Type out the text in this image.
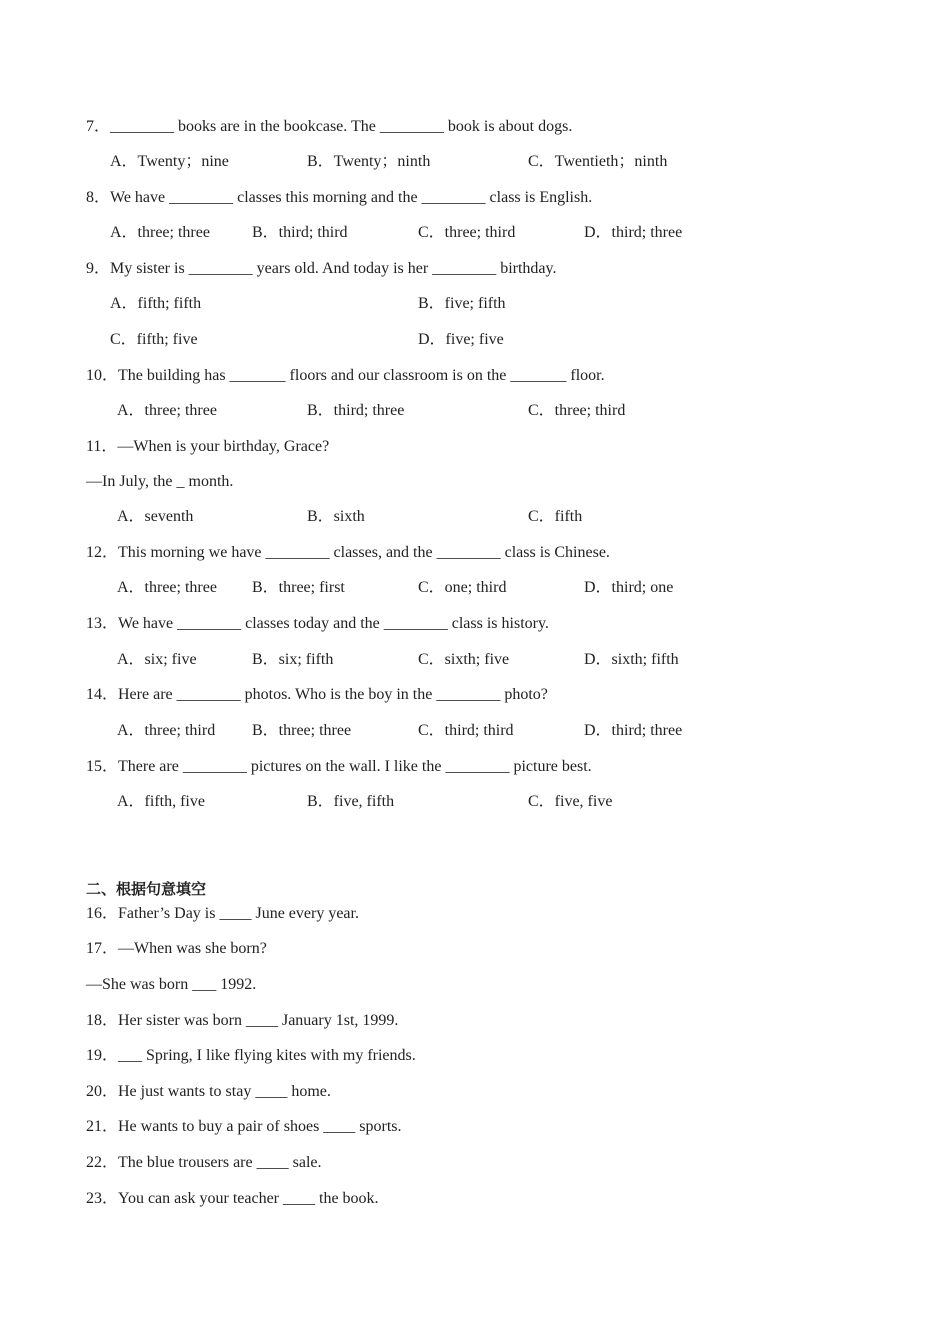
7．________ books are in the bookcase. The ________ book is about dogs.
A．Twenty；nine	B．Twenty；ninth	C．Twentieth；ninth
8．We have ________ classes this morning and the ________ class is English.
A．three; three	B．third; third	C．three; third	D．third; three
9．My sister is ________ years old. And today is her ________ birthday.
A．fifth; fifth	B．five; fifth
C．fifth; five	D．five; five
10．The building has _______ floors and our classroom is on the _______ floor.
A．three; three	B．third; three	C．three; third
11．—When is your birthday, Grace?
—In July, the _ month.
A．seventh	B．sixth	C．fifth
12．This morning we have ________ classes, and the ________ class is Chinese.
A．three; three B．three; first	C．one; third	D．third; one
13．We have ________ classes today and the ________ class is history.
A．six; five	B．six; fifth	C．sixth; five	D．sixth; fifth
14．Here are ________ photos. Who is the boy in the ________ photo?
A．three; third B．three; three	C．third; third	D．third; three
15．There are ________ pictures on the wall. I like the ________ picture best.
A．fifth, five	B．five, fifth	C．five, five
二、根据句意填空
16．Father’s Day is ____ June every year.
17．—When was she born?
—She was born ___ 1992.
18．Her sister was born ____ January 1st, 1999.
19．___ Spring, I like flying kites with my friends.
20．He just wants to stay ____ home.
21．He wants to buy a pair of shoes ____ sports.
22．The blue trousers are ____ sale.
23．You can ask your teacher ____ the book.
